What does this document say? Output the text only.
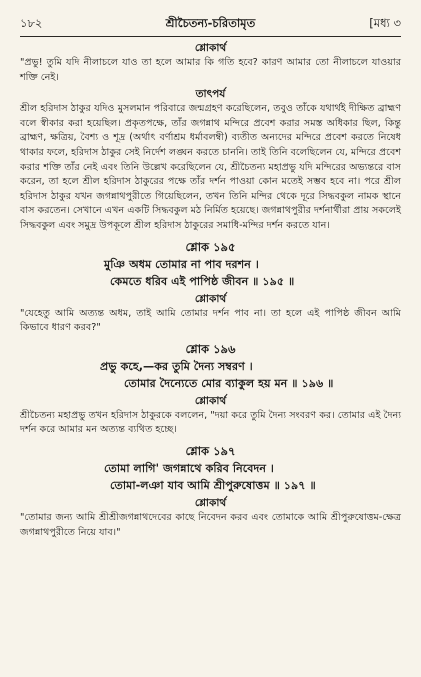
১৮২	শ্রীচৈতন্য-চরিতামৃত	[মধ্য ৩
শ্লোকার্থ

"প্রভু! তুমি যদি নীলাচলে যাও তা হলে আমার কি গতি হবে? কারণ আমার তো নীলাচলে যাওয়ার শক্তি নেই।

তাৎপর্য

শ্রীল হরিদাস ঠাকুর যদিও মুসলমান পরিবারে জন্মগ্রহণ করেছিলেন, তবুও তাঁকে যথার্থই দীক্ষিত ব্রাহ্মণ বলে স্বীকার করা হয়েছিল। প্রকৃতপক্ষে, তাঁর জগন্নাথ মন্দিরে প্রবেশ করার সমস্ত অধিকার ছিল, কিন্তু ব্রাহ্মণ, ক্ষত্রিয়, বৈশ্য ও শূদ্র (অর্থাৎ বর্ণাশ্রম ধর্মাবলম্বী) ব্যতীত অন্যদের মন্দিরে প্রবেশ করতে নিষেধ থাকার ফলে, হরিদাস ঠাকুর সেই নির্দেশ লঙ্ঘন করতে চাননি। তাই তিনি বলেছিলেন যে, মন্দিরে প্রবেশ করার শক্তি তাঁর নেই এবং তিনি উল্লেখ করেছিলেন যে, শ্রীচৈতন্য মহাপ্রভু যদি মন্দিরের অভ্যন্তরে বাস করেন, তা হলে শ্রীল হরিদাস ঠাকুরের পক্ষে তাঁর দর্শন পাওয়া কোন মতেই সম্ভব হবে না। পরে শ্রীল হরিদাস ঠাকুর যখন জগন্নাথপুরীতে গিয়েছিলেন, তখন তিনি মন্দির থেকে দূরে সিদ্ধবকুল নামক স্থানে বাস করতেন। সেখানে এখন একটি সিদ্ধবকুল মঠ নির্মিত হয়েছে। জগন্নাথপুরীর দর্শনার্থীরা প্রায় সকলেই সিদ্ধবকুল এবং সমুদ্র উপকূলে শ্রীল হরিদাস ঠাকুরের সমাধি-মন্দির দর্শন করতে যান।

শ্লোক ১৯৫
মুঞি অধম তোমার না পাব দরশন ।
কেমতে ধরিব এই পাপিষ্ঠ জীবন ॥ ১৯৫ ॥
শ্লোকার্থ

"যেহেতু আমি অত্যন্ত অধম, তাই আমি তোমার দর্শন পাব না। তা হলে এই পাপিষ্ঠ জীবন আমি কিভাবে ধারণ করব?"

শ্লোক ১৯৬
প্রভু কহে,—কর তুমি দৈন্য সম্বরণ ।
তোমার দৈন্যেতে মোর ব্যাকুল হয় মন ॥ ১৯৬ ॥
শ্লোকার্থ

শ্রীচৈতন্য মহাপ্রভু তখন হরিদাস ঠাকুরকে বললেন, "দয়া করে তুমি দৈন্য সংবরণ কর। তোমার এই দৈন্য দর্শন করে আমার মন অত্যন্ত ব্যথিত হচ্ছে।

শ্লোক ১৯৭
তোমা লাগি' জগন্নাথে করিব নিবেদন ।
তোমা-লঞা যাব আমি শ্রীপুরুষোত্তম ॥ ১৯৭ ॥
শ্লোকার্থ

"তোমার জন্য আমি শ্রীশ্রীজগন্নাথদেবের কাছে নিবেদন করব এবং তোমাকে আমি শ্রীপুরুষোত্তম-ক্ষেত্র জগন্নাথপুরীতে নিয়ে যাব।"
